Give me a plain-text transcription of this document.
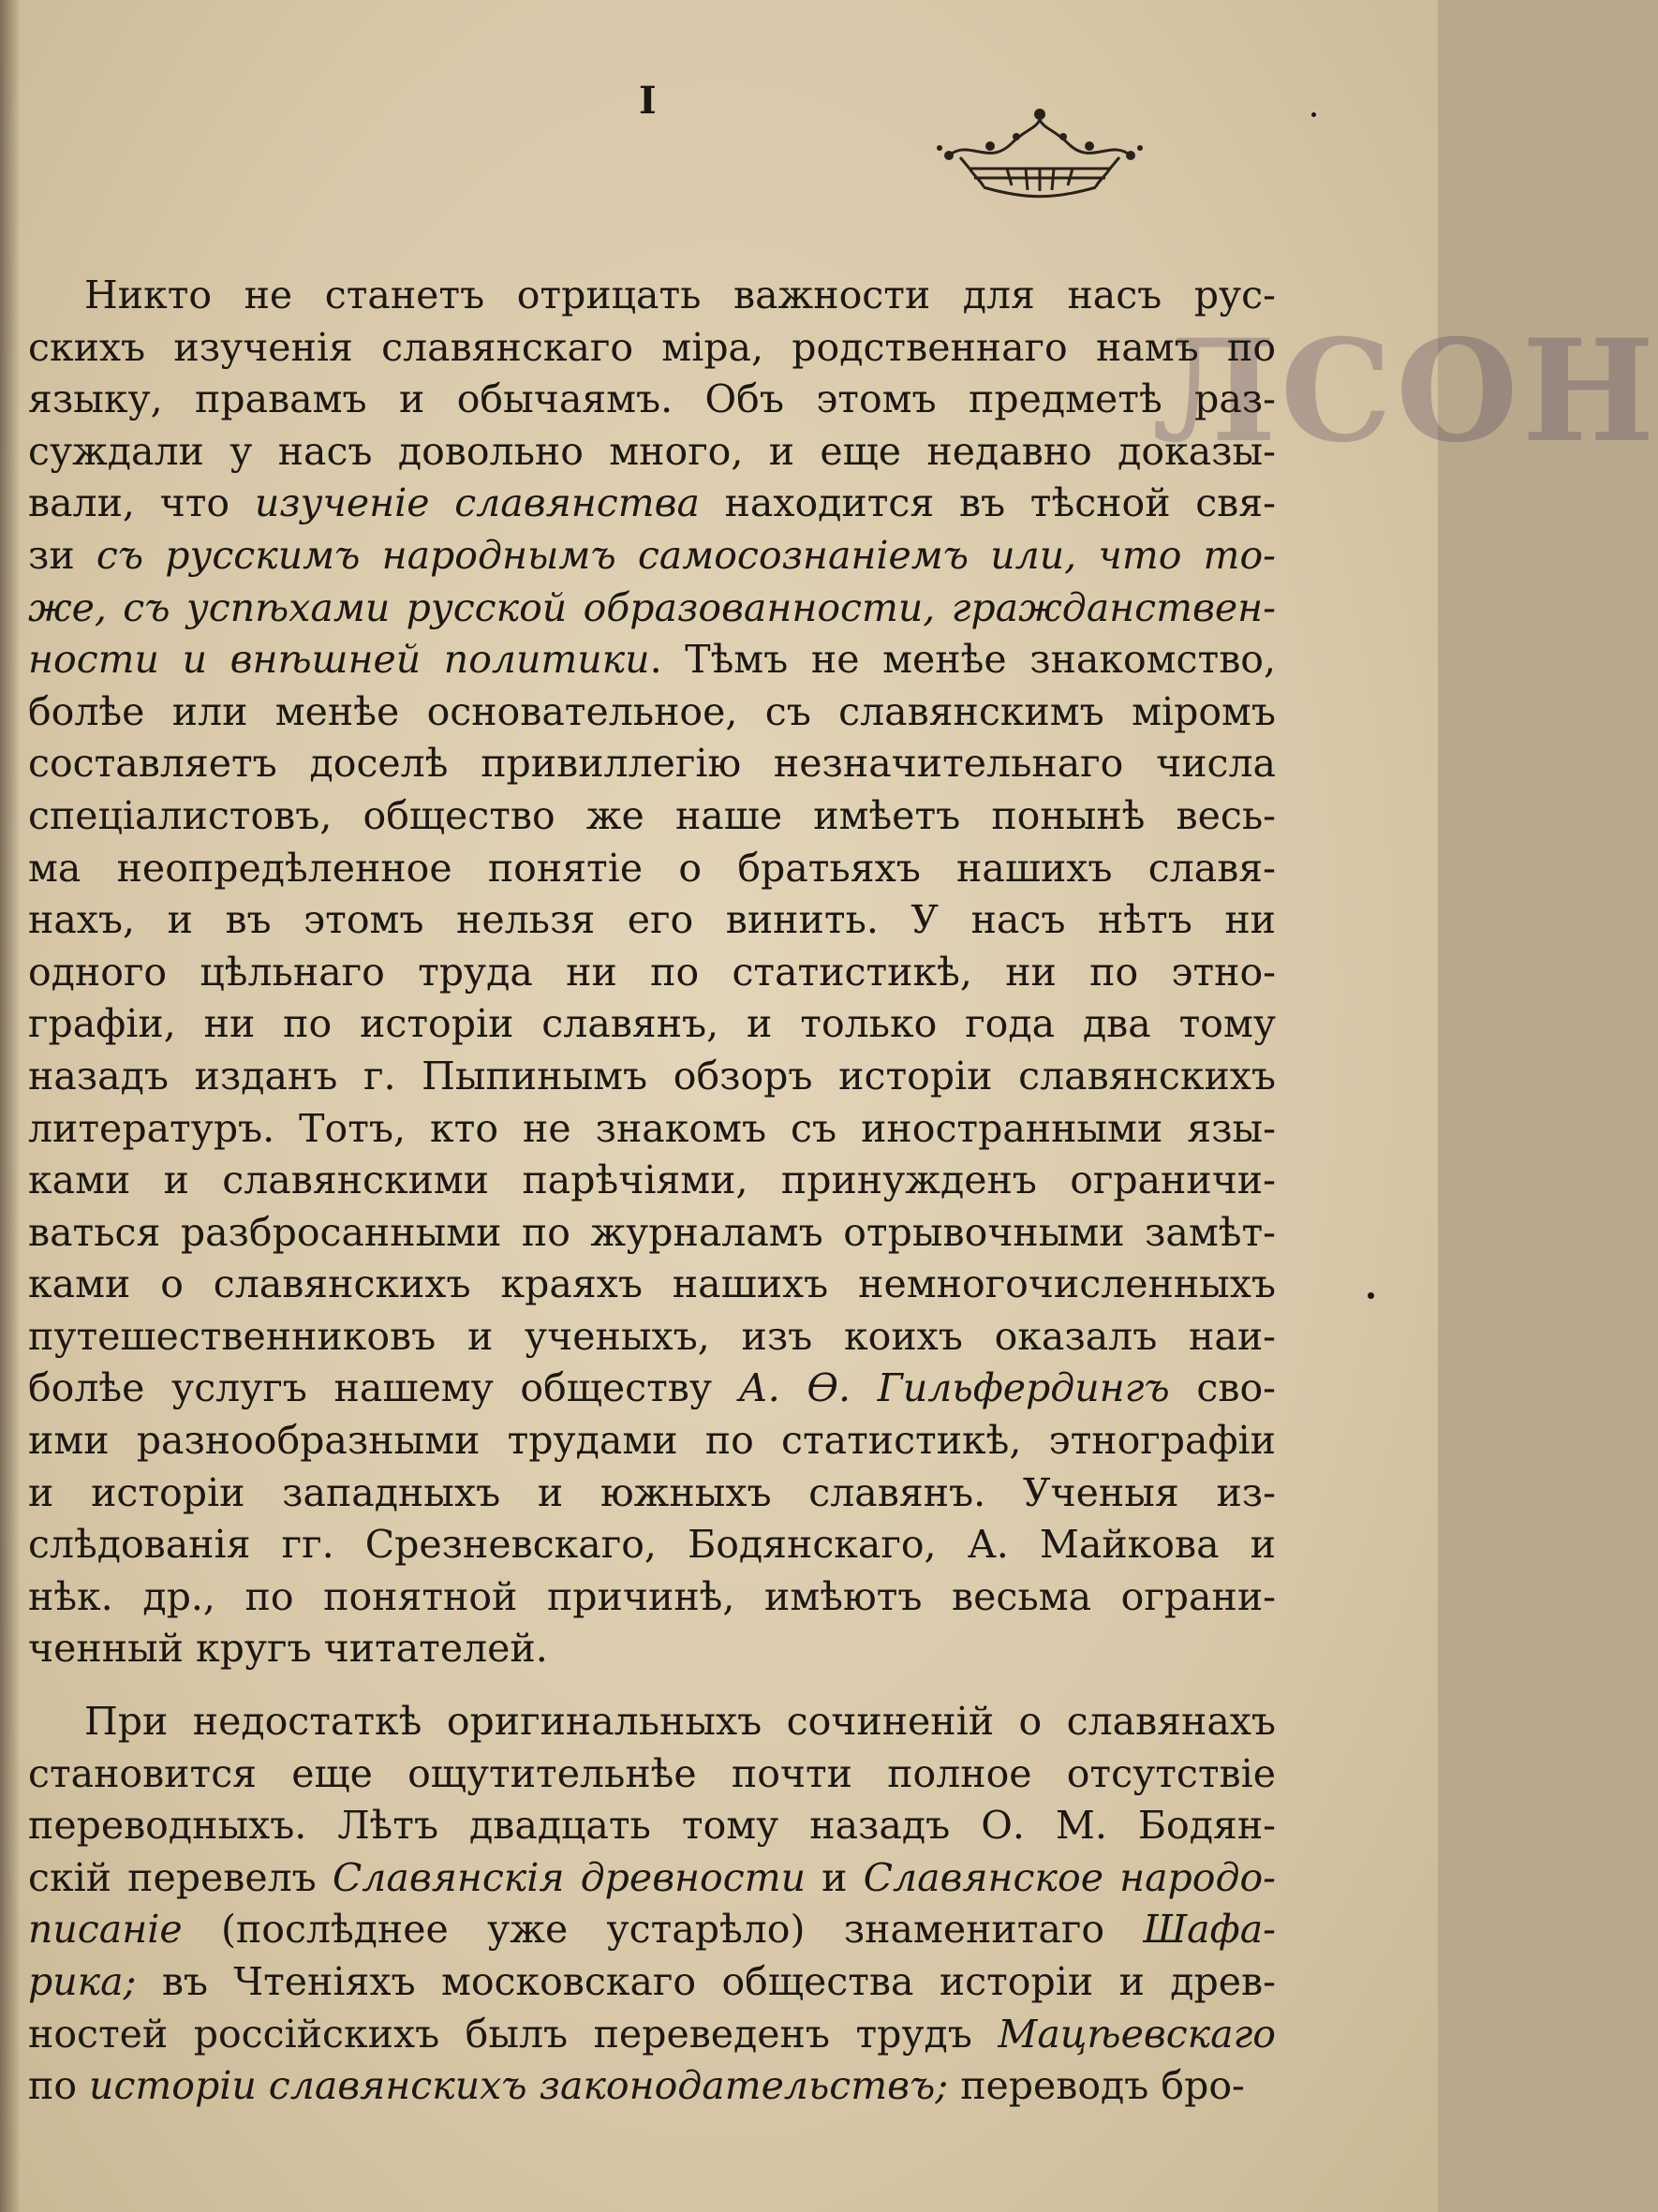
I
ЛСОН

Никто не станетъ отрицать важности для насъ рус-
скихъ изученія славянскаго міра, родственнаго намъ по
языку, правамъ и обычаямъ. Объ этомъ предметѣ раз-
суждали у насъ довольно много, и еще недавно доказы-
вали, что изученіе славянства находится въ тѣсной свя-
зи съ русскимъ народнымъ самосознаніемъ или, что то-
же, съ успѣхами русской образованности, гражданствен-
ности и внѣшней политики. Тѣмъ не менѣе знакомство,
болѣе или менѣе основательное, съ славянскимъ міромъ
составляетъ доселѣ привиллегію незначительнаго числа
спеціалистовъ, общество же наше имѣетъ понынѣ весь-
ма неопредѣленное понятіе о братьяхъ нашихъ славя-
нахъ, и въ этомъ нельзя его винить. У насъ нѣтъ ни
одного цѣльнаго труда ни по статистикѣ, ни по этно-
графіи, ни по исторіи славянъ, и только года два тому
назадъ изданъ г. Пыпинымъ обзоръ исторіи славянскихъ
литературъ. Тотъ, кто не знакомъ съ иностранными язы-
ками и славянскими парѣчіями, принужденъ ограничи-
ваться разбросанными по журналамъ отрывочными замѣт-
ками о славянскихъ краяхъ нашихъ немногочисленныхъ
путешественниковъ и ученыхъ, изъ коихъ оказалъ наи-
болѣе услугъ нашему обществу А. Ѳ. Гильфердингъ сво-
ими разнообразными трудами по статистикѣ, этнографіи
и исторіи западныхъ и южныхъ славянъ. Ученыя из-
слѣдованія гг. Срезневскаго, Бодянскаго, А. Майкова и
нѣк. др., по понятной причинѣ, имѣютъ весьма ограни-
ченный кругъ читателей.

При недостаткѣ оригинальныхъ сочиненій о славянахъ
становится еще ощутительнѣе почти полное отсутствіе
переводныхъ. Лѣтъ двадцать тому назадъ О. М. Бодян-
скій перевелъ Славянскія древности и Славянское народо-
писаніе (послѣднее уже устарѣло) знаменитаго Шафа-
рика; въ Чтеніяхъ московскаго общества исторіи и древ-
ностей россійскихъ былъ переведенъ трудъ Мацѣевскаго
по исторіи славянскихъ законодательствъ; переводъ бро-
